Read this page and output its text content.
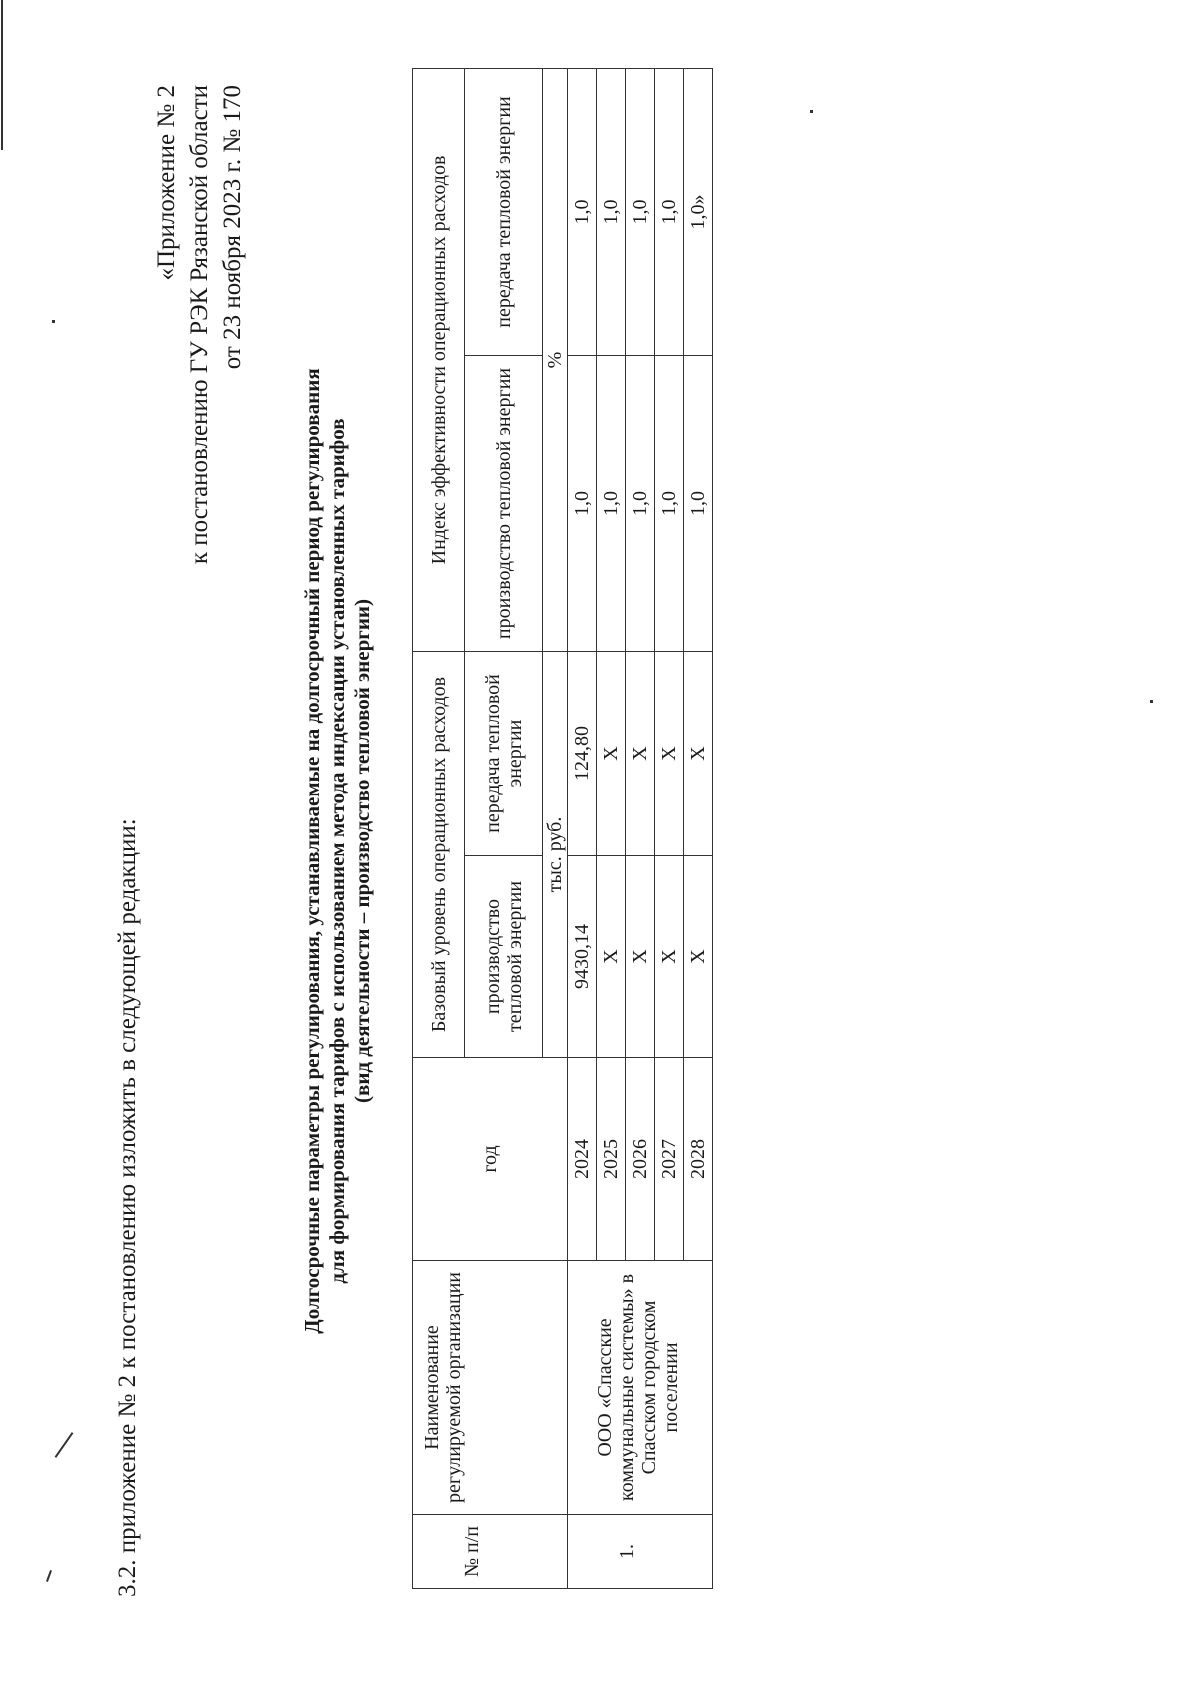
3.2. приложение № 2 к постановлению изложить в следующей редакции:
«Приложение № 2 к постановлению ГУ РЭК Рязанской области от 23 ноября 2023 г. № 170
Долгосрочные параметры регулирования, устанавливаемые на долгосрочный период регулирования для формирования тарифов с использованием метода индексации установленных тарифов (вид деятельности – производство тепловой энергии)
№ п/п	Наименование регулируемой организации	год	Базовый уровень операционных расходов		Индекс эффективности операционных расходов	
			производство тепловой энергии	передача тепловой энергии	производство тепловой энергии	передача тепловой энергии
			тыс. руб.		%	
1.	ООО «Спасские коммунальные системы» в Спасском городском поселении	2024	9430,14	124,80	1,0	1,0
		2025	X	X	1,0	1,0
		2026	X	X	1,0	1,0
		2027	X	X	1,0	1,0
		2028	X	X	1,0	1,0»
